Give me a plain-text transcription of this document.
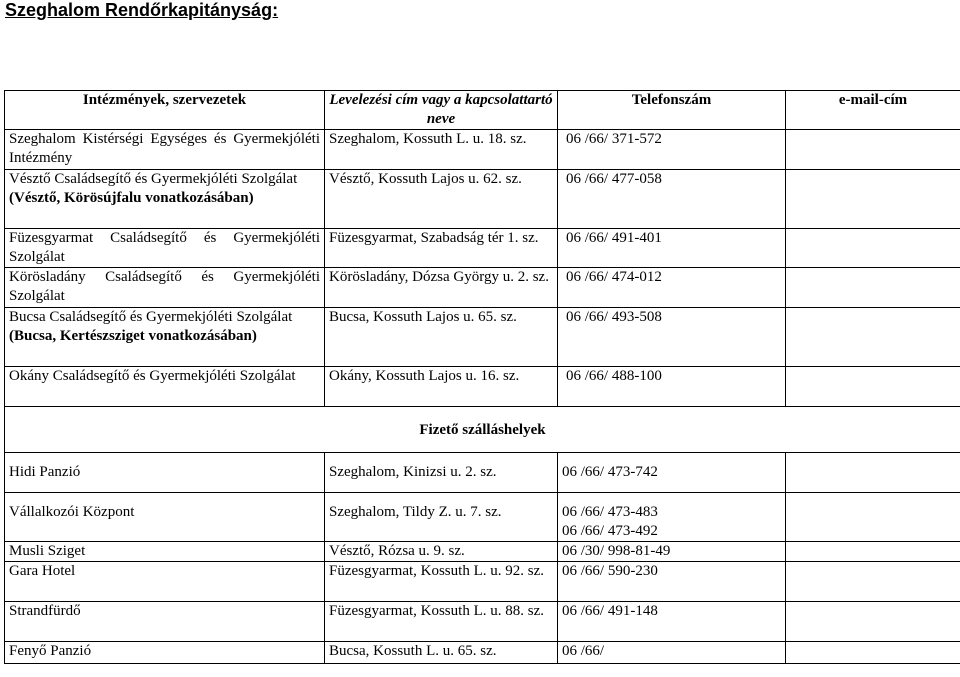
Szeghalom Rendőrkapitányság:
Intézmények, szervezetek	Levelezési cím vagy a kapcsolattartó neve	Telefonszám	e-mail-cím

Szeghalom Kistérségi Egységes és Gyermekjóléti Intézmény	Szeghalom, Kossuth L. u. 18. sz.	06 /66/ 371-572	

Vésztő Családsegítő és Gyermekjóléti Szolgálat
(Vésztő, Körösújfalu vonatkozásában)	Vésztő, Kossuth Lajos u. 62. sz.	06 /66/ 477-058	

Füzesgyarmat Családsegítő és Gyermekjóléti Szolgálat	Füzesgyarmat, Szabadság tér 1. sz.	06 /66/ 491-401	

Körösladány Családsegítő és Gyermekjóléti Szolgálat	Körösladány, Dózsa György u. 2. sz.	06 /66/ 474-012	

Bucsa Családsegítő és Gyermekjóléti Szolgálat
(Bucsa, Kertészsziget vonatkozásában)	Bucsa, Kossuth Lajos u. 65. sz.	06 /66/ 493-508	

Okány Családsegítő és Gyermekjóléti Szolgálat	Okány, Kossuth Lajos u. 16. sz.	06 /66/ 488-100	
Fizető szálláshelyek			
Hidi Panzió	Szeghalom, Kinizsi u. 2. sz.	06 /66/ 473-742	
Vállalkozói Központ	Szeghalom, Tildy Z. u. 7. sz.	06 /66/ 473-483
06 /66/ 473-492	

Musli Sziget	Vésztő, Rózsa u. 9. sz.	06 /30/ 998-81-49	
Gara Hotel	Füzesgyarmat, Kossuth L. u. 92. sz.	06 /66/ 590-230	
Strandfürdő	Füzesgyarmat, Kossuth L. u. 88. sz.	06 /66/ 491-148	
Fenyő Panzió	Bucsa, Kossuth L. u. 65. sz.	06 /66/	
